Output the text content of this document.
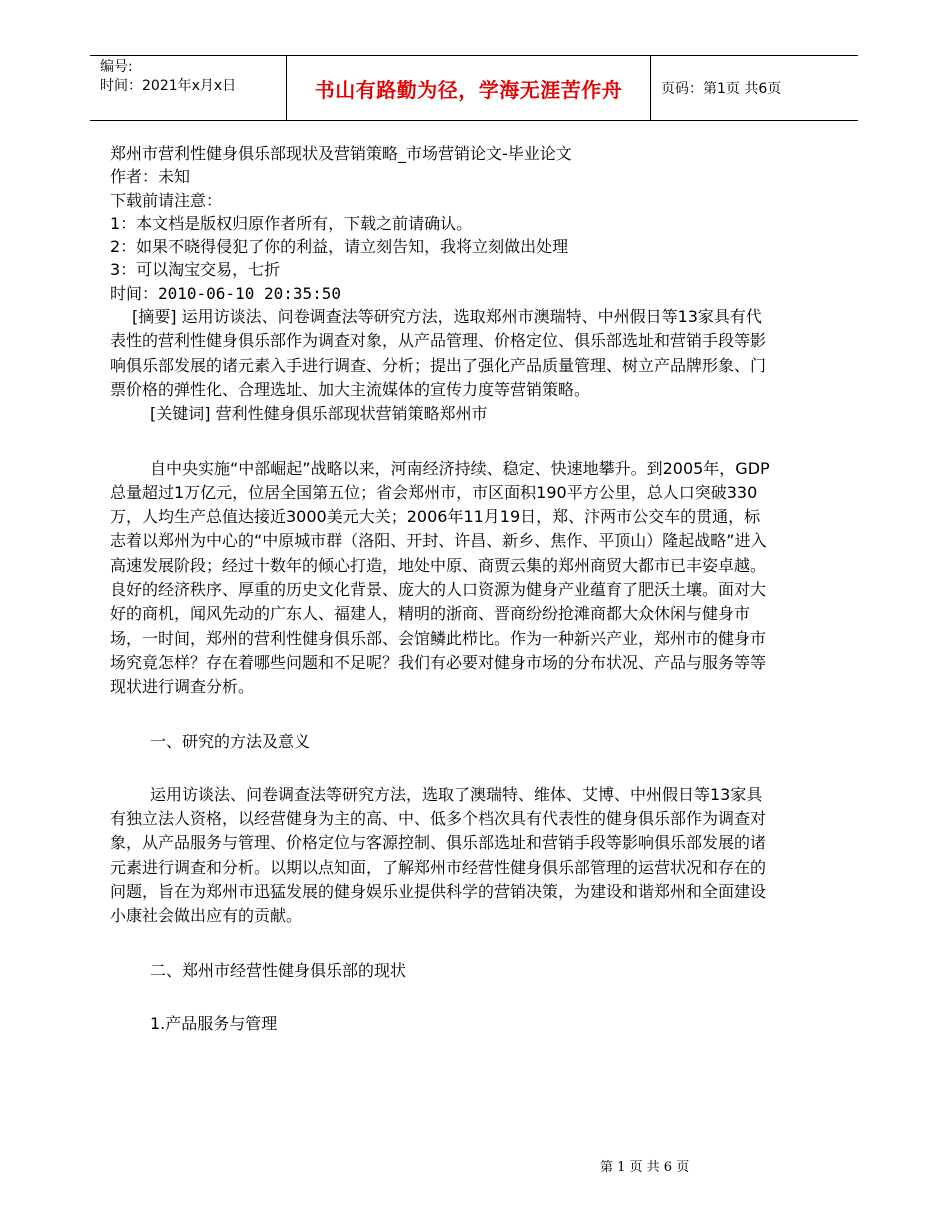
编号:
时间：2021年x月x日	书山有路勤为径，学海无涯苦作舟	页码：第1页 共6页

郑州市营利性健身俱乐部现状及营销策略_市场营销论文-毕业论文

作者：未知

下载前请注意：

1：本文档是版权归原作者所有，下载之前请确认。

2：如果不晓得侵犯了你的利益，请立刻告知，我将立刻做出处理

3：可以淘宝交易，七折

时间：2010-06-10 20:35:50

[摘要] 运用访谈法、问卷调查法等研究方法，选取郑州市澳瑞特、中州假日等13家具有代表性的营利性健身俱乐部作为调查对象，从产品管理、价格定位、俱乐部选址和营销手段等影响俱乐部发展的诸元素入手进行调查、分析；提出了强化产品质量管理、树立产品牌形象、门票价格的弹性化、合理选址、加大主流媒体的宣传力度等营销策略。

[关键词] 营利性健身俱乐部现状营销策略郑州市

自中央实施“中部崛起”战略以来，河南经济持续、稳定、快速地攀升。到2005年，GDP总量超过1万亿元，位居全国第五位；省会郑州市，市区面积190平方公里，总人口突破330万，人均生产总值达接近3000美元大关；2006年11月19日，郑、汴两市公交车的贯通，标志着以郑州为中心的“中原城市群（洛阳、开封、许昌、新乡、焦作、平顶山）隆起战略”进入高速发展阶段；经过十数年的倾心打造，地处中原、商贾云集的郑州商贸大都市已丰姿卓越。良好的经济秩序、厚重的历史文化背景、庞大的人口资源为健身产业蕴育了肥沃土壤。面对大好的商机，闻风先动的广东人、福建人，精明的浙商、晋商纷纷抢滩商都大众休闲与健身市场，一时间，郑州的营利性健身俱乐部、会馆鳞此栉比。作为一种新兴产业，郑州市的健身市场究竟怎样？存在着哪些问题和不足呢？我们有必要对健身市场的分布状况、产品与服务等等现状进行调查分析。

一、研究的方法及意义

运用访谈法、问卷调查法等研究方法，选取了澳瑞特、维体、艾博、中州假日等13家具有独立法人资格，以经营健身为主的高、中、低多个档次具有代表性的健身俱乐部作为调查对象，从产品服务与管理、价格定位与客源控制、俱乐部选址和营销手段等影响俱乐部发展的诸元素进行调查和分析。以期以点知面，了解郑州市经营性健身俱乐部管理的运营状况和存在的问题，旨在为郑州市迅猛发展的健身娱乐业提供科学的营销决策，为建设和谐郑州和全面建设小康社会做出应有的贡献。

二、郑州市经营性健身俱乐部的现状

1.产品服务与管理

第 1 页 共 6 页
